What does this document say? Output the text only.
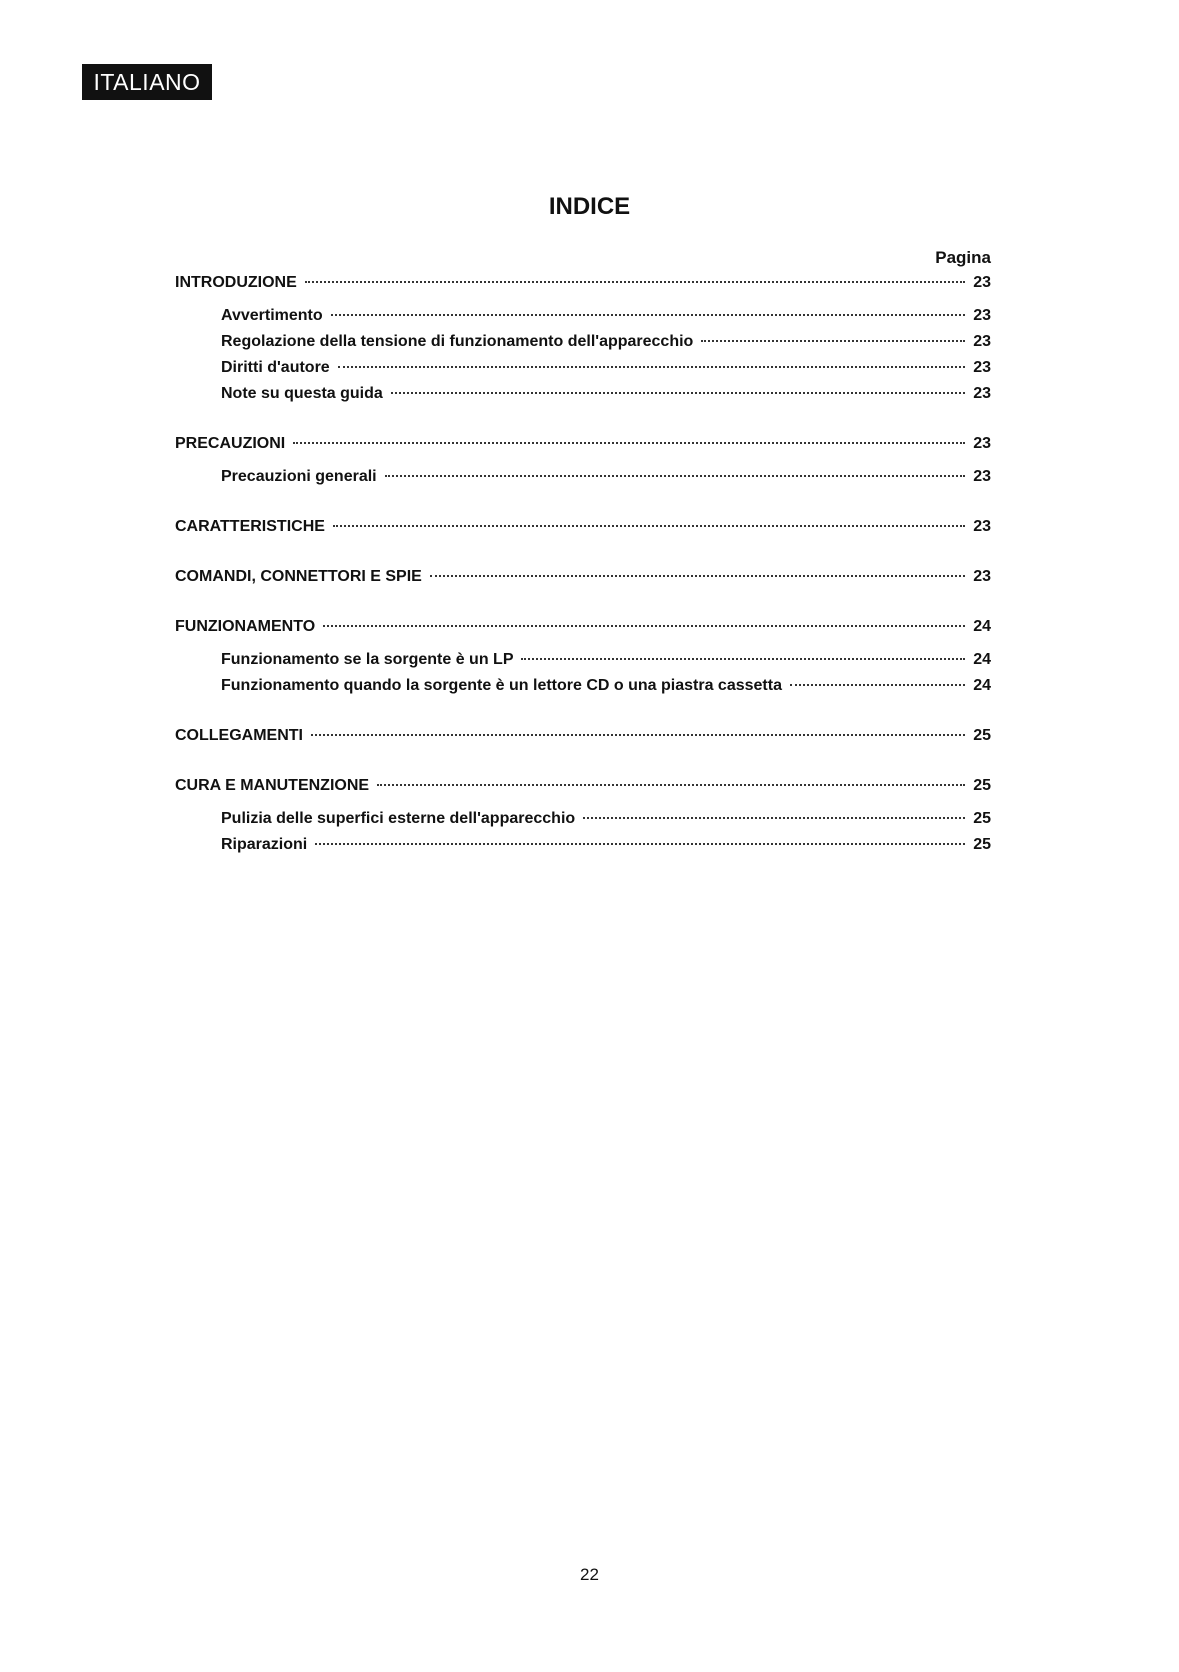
ITALIANO
INDICE
Pagina
INTRODUZIONE	23
Avvertimento	23
Regolazione della tensione di funzionamento dell'apparecchio	23
Diritti d'autore	23
Note su questa guida	23
PRECAUZIONI	23
Precauzioni generali	23
CARATTERISTICHE	23
COMANDI, CONNETTORI E SPIE	23
FUNZIONAMENTO	24
Funzionamento se la sorgente è un LP	24
Funzionamento quando la sorgente è un lettore CD o una piastra cassetta	24
COLLEGAMENTI	25
CURA E MANUTENZIONE	25
Pulizia delle superfici esterne dell'apparecchio	25
Riparazioni	25
22
